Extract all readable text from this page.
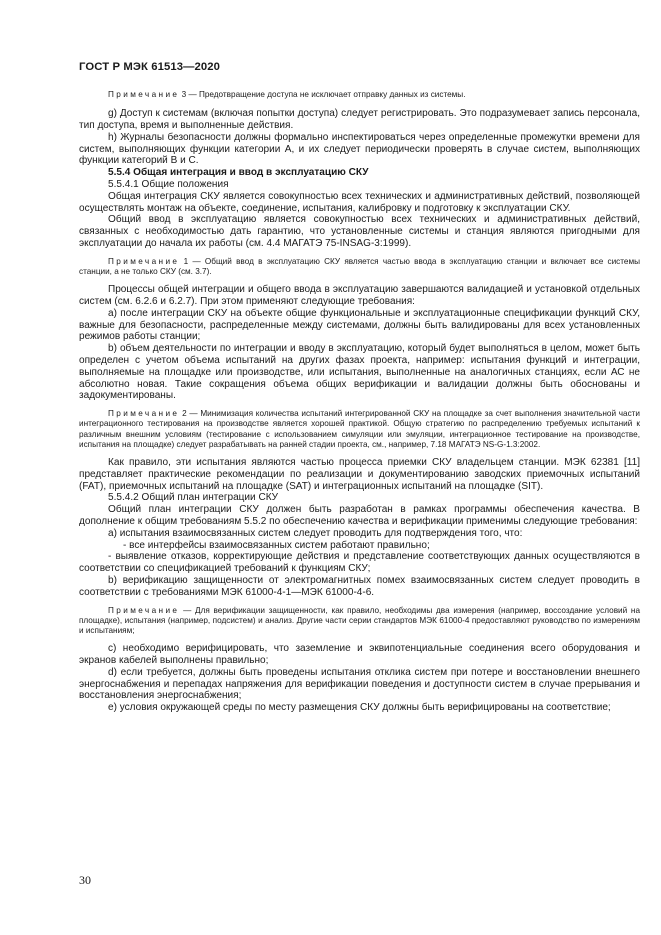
ГОСТ Р МЭК 61513—2020

Примечание 3 — Предотвращение доступа не исключает отправку данных из системы.

g) Доступ к системам (включая попытки доступа) следует регистрировать. Это подразумевает запись персонала, тип доступа, время и выполненные действия.

h) Журналы безопасности должны формально инспектироваться через определенные промежутки времени для систем, выполняющих функции категории А, и их следует периодически проверять в случае систем, выполняющих функции категорий В и С.

5.5.4 Общая интеграция и ввод в эксплуатацию СКУ

5.5.4.1 Общие положения

Общая интеграция СКУ является совокупностью всех технических и административных действий, позволяющей осуществлять монтаж на объекте, соединение, испытания, калибровку и подготовку к эксплуатации СКУ.

Общий ввод в эксплуатацию является совокупностью всех технических и административных действий, связанных с необходимостью дать гарантию, что установленные системы и станция являются пригодными для эксплуатации до начала их работы (см. 4.4 МАГАТЭ 75-INSAG-3:1999).

Примечание 1 — Общий ввод в эксплуатацию СКУ является частью ввода в эксплуатацию станции и включает все системы станции, а не только СКУ (см. 3.7).

Процессы общей интеграции и общего ввода в эксплуатацию завершаются валидацией и установкой отдельных систем (см. 6.2.6 и 6.2.7). При этом применяют следующие требования:

a) после интеграции СКУ на объекте общие функциональные и эксплуатационные спецификации функций СКУ, важные для безопасности, распределенные между системами, должны быть валидированы для всех установленных режимов работы станции;

b) объем деятельности по интеграции и вводу в эксплуатацию, который будет выполняться в целом, может быть определен с учетом объема испытаний на других фазах проекта, например: испытания функций и интеграции, выполняемые на площадке или производстве, или испытания, выполненные на аналогичных станциях, если АС не абсолютно новая. Такие сокращения объема общих верификации и валидации должны быть обоснованы и задокументированы.

Примечание 2 — Минимизация количества испытаний интегрированной СКУ на площадке за счет выполнения значительной части интеграционного тестирования на производстве является хорошей практикой. Общую стратегию по распределению требуемых испытаний к различным внешним условиям (тестирование с использованием симуляции или эмуляции, интеграционное тестирование на производстве, испытания на площадке) следует разрабатывать на ранней стадии проекта, см., например, 7.18 МАГАТЭ NS-G-1.3:2002.

Как правило, эти испытания являются частью процесса приемки СКУ владельцем станции. МЭК 62381 [11] представляет практические рекомендации по реализации и документированию заводских приемочных испытаний (FAT), приемочных испытаний на площадке (SAT) и интеграционных испытаний на площадке (SIT).

5.5.4.2 Общий план интеграции СКУ

Общий план интеграции СКУ должен быть разработан в рамках программы обеспечения качества. В дополнение к общим требованиям 5.5.2 по обеспечению качества и верификации применимы следующие требования:

a) испытания взаимосвязанных систем следует проводить для подтверждения того, что:

- все интерфейсы взаимосвязанных систем работают правильно;

- выявление отказов, корректирующие действия и представление соответствующих данных осуществляются в соответствии со спецификацией требований к функциям СКУ;

b) верификацию защищенности от электромагнитных помех взаимосвязанных систем следует проводить в соответствии с требованиями МЭК 61000-4-1—МЭК 61000-4-6.

Примечание — Для верификации защищенности, как правило, необходимы два измерения (например, воссоздание условий на площадке), испытания (например, подсистем) и анализ. Другие части серии стандартов МЭК 61000-4 предоставляют руководство по измерениям и испытаниям;

c) необходимо верифицировать, что заземление и эквипотенциальные соединения всего оборудования и экранов кабелей выполнены правильно;

d) если требуется, должны быть проведены испытания отклика систем при потере и восстановлении внешнего энергоснабжения и перепадах напряжения для верификации поведения и доступности систем в случае прерывания и восстановления энергоснабжения;

e) условия окружающей среды по месту размещения СКУ должны быть верифицированы на соответствие;

30
